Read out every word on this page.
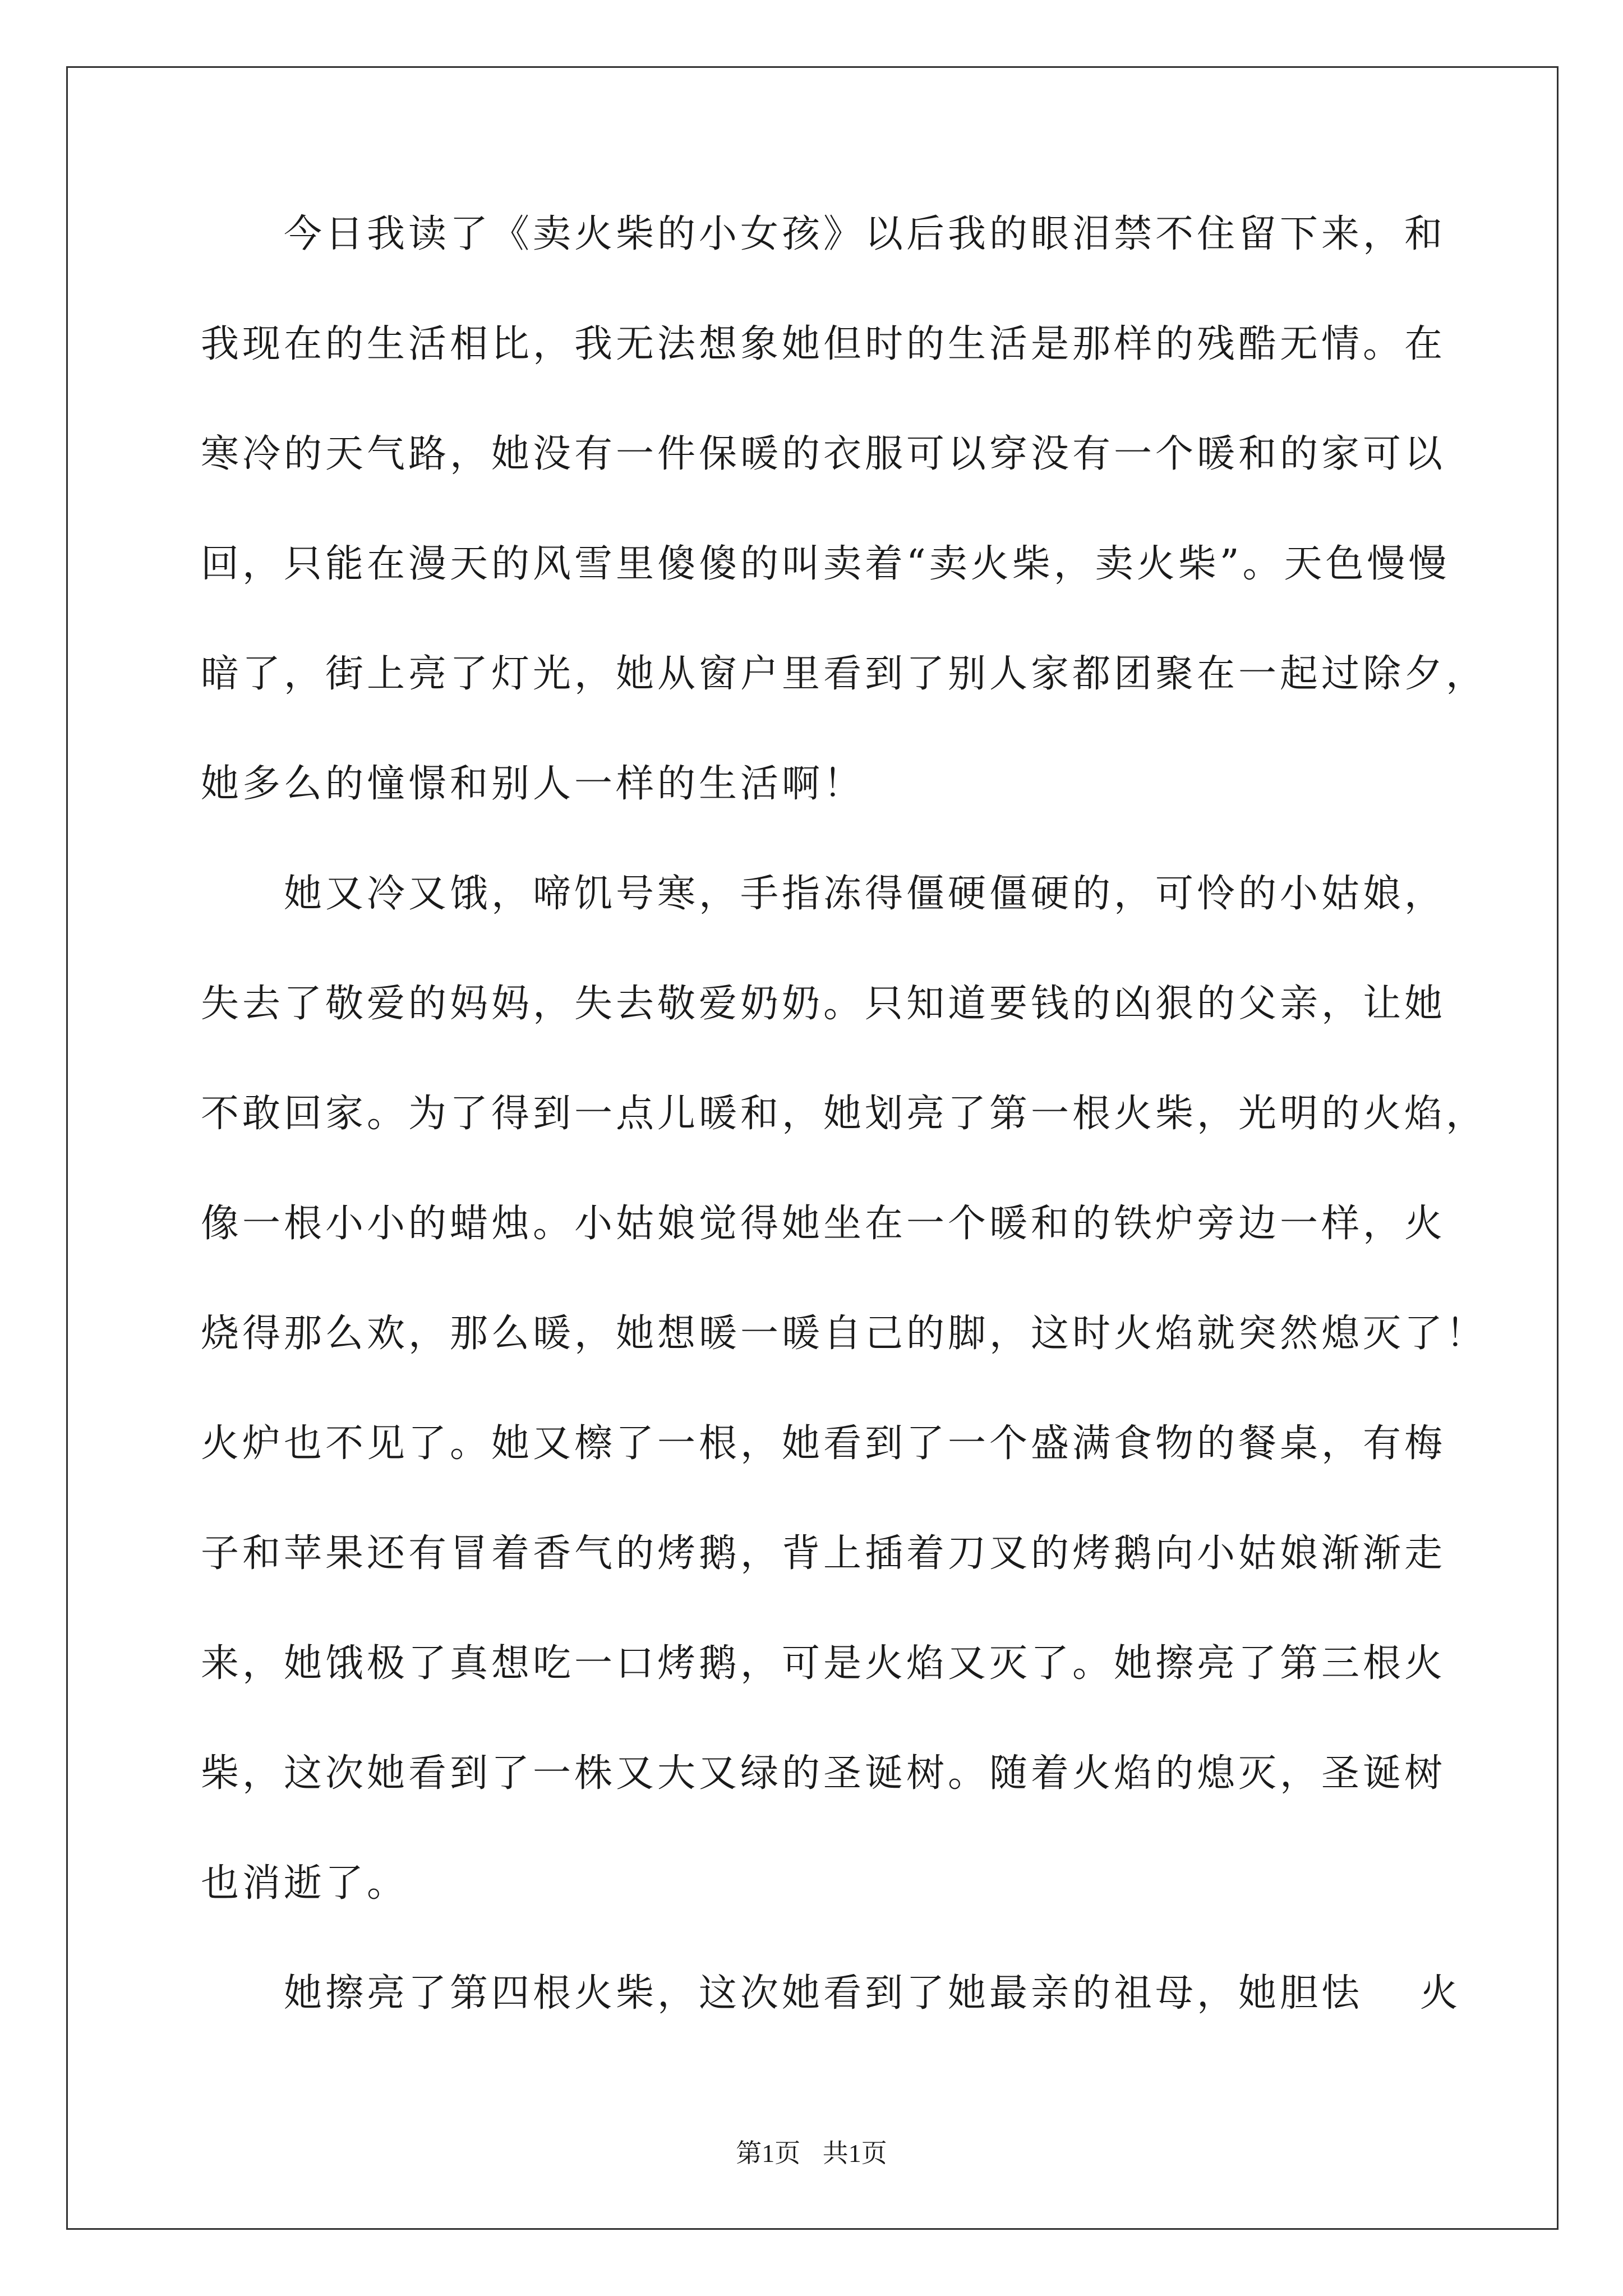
今日我读了《卖火柴的小女孩》以后我的眼泪禁不住留下来，和
我现在的生活相比，我无法想象她但时的生活是那样的残酷无情。在
寒冷的天气路，她没有一件保暖的衣服可以穿没有一个暖和的家可以
回，只能在漫天的风雪里傻傻的叫卖着“卖火柴，卖火柴”。天色慢慢
暗了，街上亮了灯光，她从窗户里看到了别人家都团聚在一起过除夕，
她多么的憧憬和别人一样的生活啊！
她又冷又饿，啼饥号寒，手指冻得僵硬僵硬的，可怜的小姑娘，
失去了敬爱的妈妈，失去敬爱奶奶。只知道要钱的凶狠的父亲，让她
不敢回家。为了得到一点儿暖和，她划亮了第一根火柴，光明的火焰，
像一根小小的蜡烛。小姑娘觉得她坐在一个暖和的铁炉旁边一样，火
烧得那么欢，那么暖，她想暖一暖自己的脚，这时火焰就突然熄灭了！
火炉也不见了。她又檫了一根，她看到了一个盛满食物的餐桌，有梅
子和苹果还有冒着香气的烤鹅，背上插着刀叉的烤鹅向小姑娘渐渐走
来，她饿极了真想吃一口烤鹅，可是火焰又灭了。她擦亮了第三根火
柴，这次她看到了一株又大又绿的圣诞树。随着火焰的熄灭，圣诞树
也消逝了。
她擦亮了第四根火柴，这次她看到了她最亲的祖母，她胆怯　 火
第1页 共1页
